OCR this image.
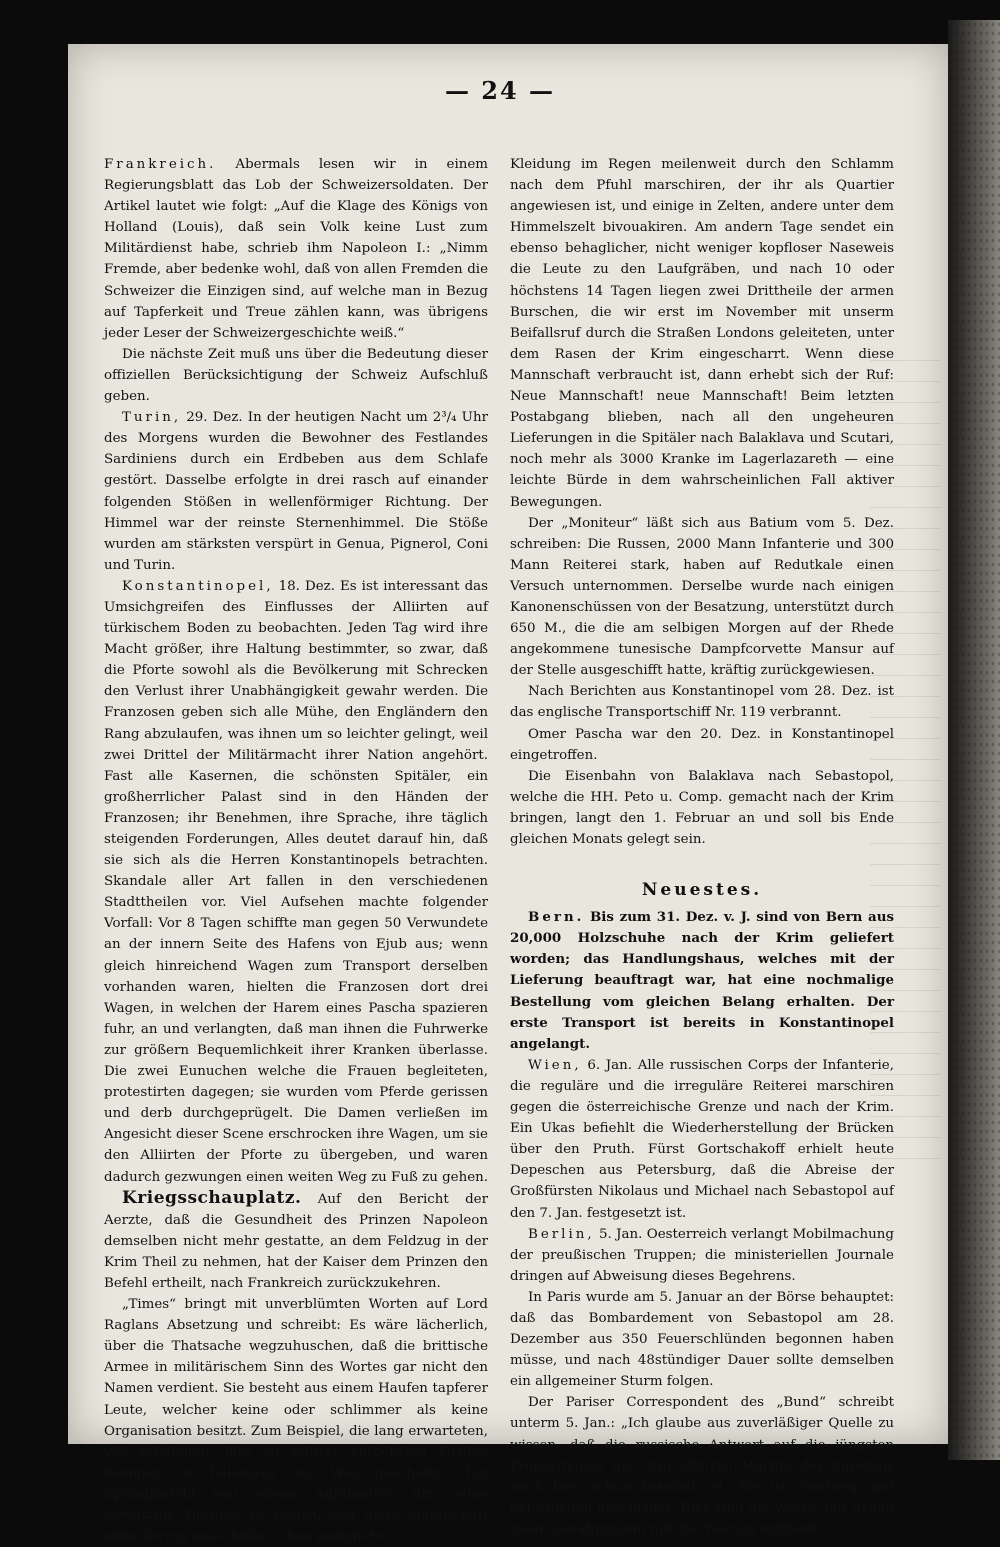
— 24 —

Frankreich. Abermals lesen wir in einem Regierungsblatt das Lob der Schweizersoldaten. Der Artikel lautet wie folgt: „Auf die Klage des Königs von Holland (Louis), daß sein Volk keine Lust zum Militärdienst habe, schrieb ihm Napoleon I.: „Nimm Fremde, aber bedenke wohl, daß von allen Fremden die Schweizer die Einzigen sind, auf welche man in Bezug auf Tapferkeit und Treue zählen kann, was übrigens jeder Leser der Schweizergeschichte weiß.“

Die nächste Zeit muß uns über die Bedeutung dieser offiziellen Berücksichtigung der Schweiz Aufschluß geben.

Turin, 29. Dez. In der heutigen Nacht um 2³/₄ Uhr des Morgens wurden die Bewohner des Festlandes Sardiniens durch ein Erdbeben aus dem Schlafe gestört. Dasselbe erfolgte in drei rasch auf einander folgenden Stößen in wellenförmiger Richtung. Der Himmel war der reinste Sternenhimmel. Die Stöße wurden am stärksten verspürt in Genua, Pignerol, Coni und Turin.

Konstantinopel, 18. Dez. Es ist interessant das Umsichgreifen des Einflusses der Alliirten auf türkischem Boden zu beobachten. Jeden Tag wird ihre Macht größer, ihre Haltung bestimmter, so zwar, daß die Pforte sowohl als die Bevölkerung mit Schrecken den Verlust ihrer Unabhängigkeit gewahr werden. Die Franzosen geben sich alle Mühe, den Engländern den Rang abzulaufen, was ihnen um so leichter gelingt, weil zwei Drittel der Militärmacht ihrer Nation angehört. Fast alle Kasernen, die schönsten Spitäler, ein großherrlicher Palast sind in den Händen der Franzosen; ihr Benehmen, ihre Sprache, ihre täglich steigenden Forderungen, Alles deutet darauf hin, daß sie sich als die Herren Konstantinopels betrachten. Skandale aller Art fallen in den verschiedenen Stadttheilen vor. Viel Aufsehen machte folgender Vorfall: Vor 8 Tagen schiffte man gegen 50 Verwundete an der innern Seite des Hafens von Ejub aus; wenn gleich hinreichend Wagen zum Transport derselben vorhanden waren, hielten die Franzosen dort drei Wagen, in welchen der Harem eines Pascha spazieren fuhr, an und verlangten, daß man ihnen die Fuhrwerke zur größern Bequemlichkeit ihrer Kranken überlasse. Die zwei Eunuchen welche die Frauen begleiteten, protestirten dagegen; sie wurden vom Pferde gerissen und derb durchgeprügelt. Die Damen verließen im Angesicht dieser Scene erschrocken ihre Wagen, um sie den Alliirten der Pforte zu übergeben, und waren dadurch gezwungen einen weiten Weg zu Fuß zu gehen.

Kriegsschauplatz. Auf den Bericht der Aerzte, daß die Gesundheit des Prinzen Napoleon demselben nicht mehr gestatte, an dem Feldzug in der Krim Theil zu nehmen, hat der Kaiser dem Prinzen den Befehl ertheilt, nach Frankreich zurückzukehren.

„Times“ bringt mit unverblümten Worten auf Lord Raglans Absetzung und schreibt: Es wäre lächerlich, über die Thatsache wegzuhuschen, daß die brittische Armee in militärischem Sinn des Wortes gar nicht den Namen verdient. Sie besteht aus einem Haufen tapferer Leute, welcher keine oder schlimmer als keine Organisation besitzt. Zum Beispiel, die lang erwarteten, viel erbetenen, hier so schwer entbehrten Zuzüge kommen in Balaklava an. Was geschieht? Ein Springinsfeld von einem Adjutanten, um seine vorwitzige Thorheit zu zeigen, läßt diese Mannschaft ohne Verzug ausschiffen, ohne geeignete

Kleidung im Regen meilenweit durch den Schlamm nach dem Pfuhl marschiren, der ihr als Quartier angewiesen ist, und einige in Zelten, andere unter dem Himmelszelt bivouakiren. Am andern Tage sendet ein ebenso behaglicher, nicht weniger kopfloser Naseweis die Leute zu den Laufgräben, und nach 10 oder höchstens 14 Tagen liegen zwei Drittheile der armen Burschen, die wir erst im November mit unserm Beifallsruf durch die Straßen Londons geleiteten, unter dem Rasen der Krim eingescharrt. Wenn diese Mannschaft verbraucht ist, dann erhebt sich der Ruf: Neue Mannschaft! neue Mannschaft! Beim letzten Postabgang blieben, nach all den ungeheuren Lieferungen in die Spitäler nach Balaklava und Scutari, noch mehr als 3000 Kranke im Lagerlazareth — eine leichte Bürde in dem wahrscheinlichen Fall aktiver Bewegungen.

Der „Moniteur“ läßt sich aus Batium vom 5. Dez. schreiben: Die Russen, 2000 Mann Infanterie und 300 Mann Reiterei stark, haben auf Redutkale einen Versuch unternommen. Derselbe wurde nach einigen Kanonenschüssen von der Besatzung, unterstützt durch 650 M., die die am selbigen Morgen auf der Rhede angekommene tunesische Dampfcorvette Mansur auf der Stelle ausgeschifft hatte, kräftig zurückgewiesen.

Nach Berichten aus Konstantinopel vom 28. Dez. ist das englische Transportschiff Nr. 119 verbrannt.

Omer Pascha war den 20. Dez. in Konstantinopel eingetroffen.

Die Eisenbahn von Balaklava nach Sebastopol, welche die HH. Peto u. Comp. gemacht nach der Krim bringen, langt den 1. Februar an und soll bis Ende gleichen Monats gelegt sein.

Neuestes.

Bern. Bis zum 31. Dez. v. J. sind von Bern aus 20,000 Holzschuhe nach der Krim geliefert worden; das Handlungshaus, welches mit der Lieferung beauftragt war, hat eine nochmalige Bestellung vom gleichen Belang erhalten. Der erste Transport ist bereits in Konstantinopel angelangt.

Wien, 6. Jan. Alle russischen Corps der Infanterie, die reguläre und die irreguläre Reiterei marschiren gegen die österreichische Grenze und nach der Krim. Ein Ukas befiehlt die Wiederherstellung der Brücken über den Pruth. Fürst Gortschakoff erhielt heute Depeschen aus Petersburg, daß die Abreise der Großfürsten Nikolaus und Michael nach Sebastopol auf den 7. Jan. festgesetzt ist.

Berlin, 5. Jan. Oesterreich verlangt Mobilmachung der preußischen Truppen; die ministeriellen Journale dringen auf Abweisung dieses Begehrens.

In Paris wurde am 5. Januar an der Börse behauptet: daß das Bombardement von Sebastopol am 28. Dezember aus 350 Feuerschlünden begonnen haben müsse, und nach 48stündiger Dauer sollte demselben ein allgemeiner Sturm folgen.

Der Pariser Correspondent des „Bund“ schreibt unterm 5. Jan.: „Ich glaube aus zuverläßiger Quelle zu wissen, daß die russische Antwort auf die jüngsten Propositionen der drei alliirten Mächte der Substanz nach hier schon bekannt ist. Sie ist rundweg und entschieden abschlägig. Dies sind die Worte, mit denen mein Gewährsmann mit das Faktum mittheilt.“
